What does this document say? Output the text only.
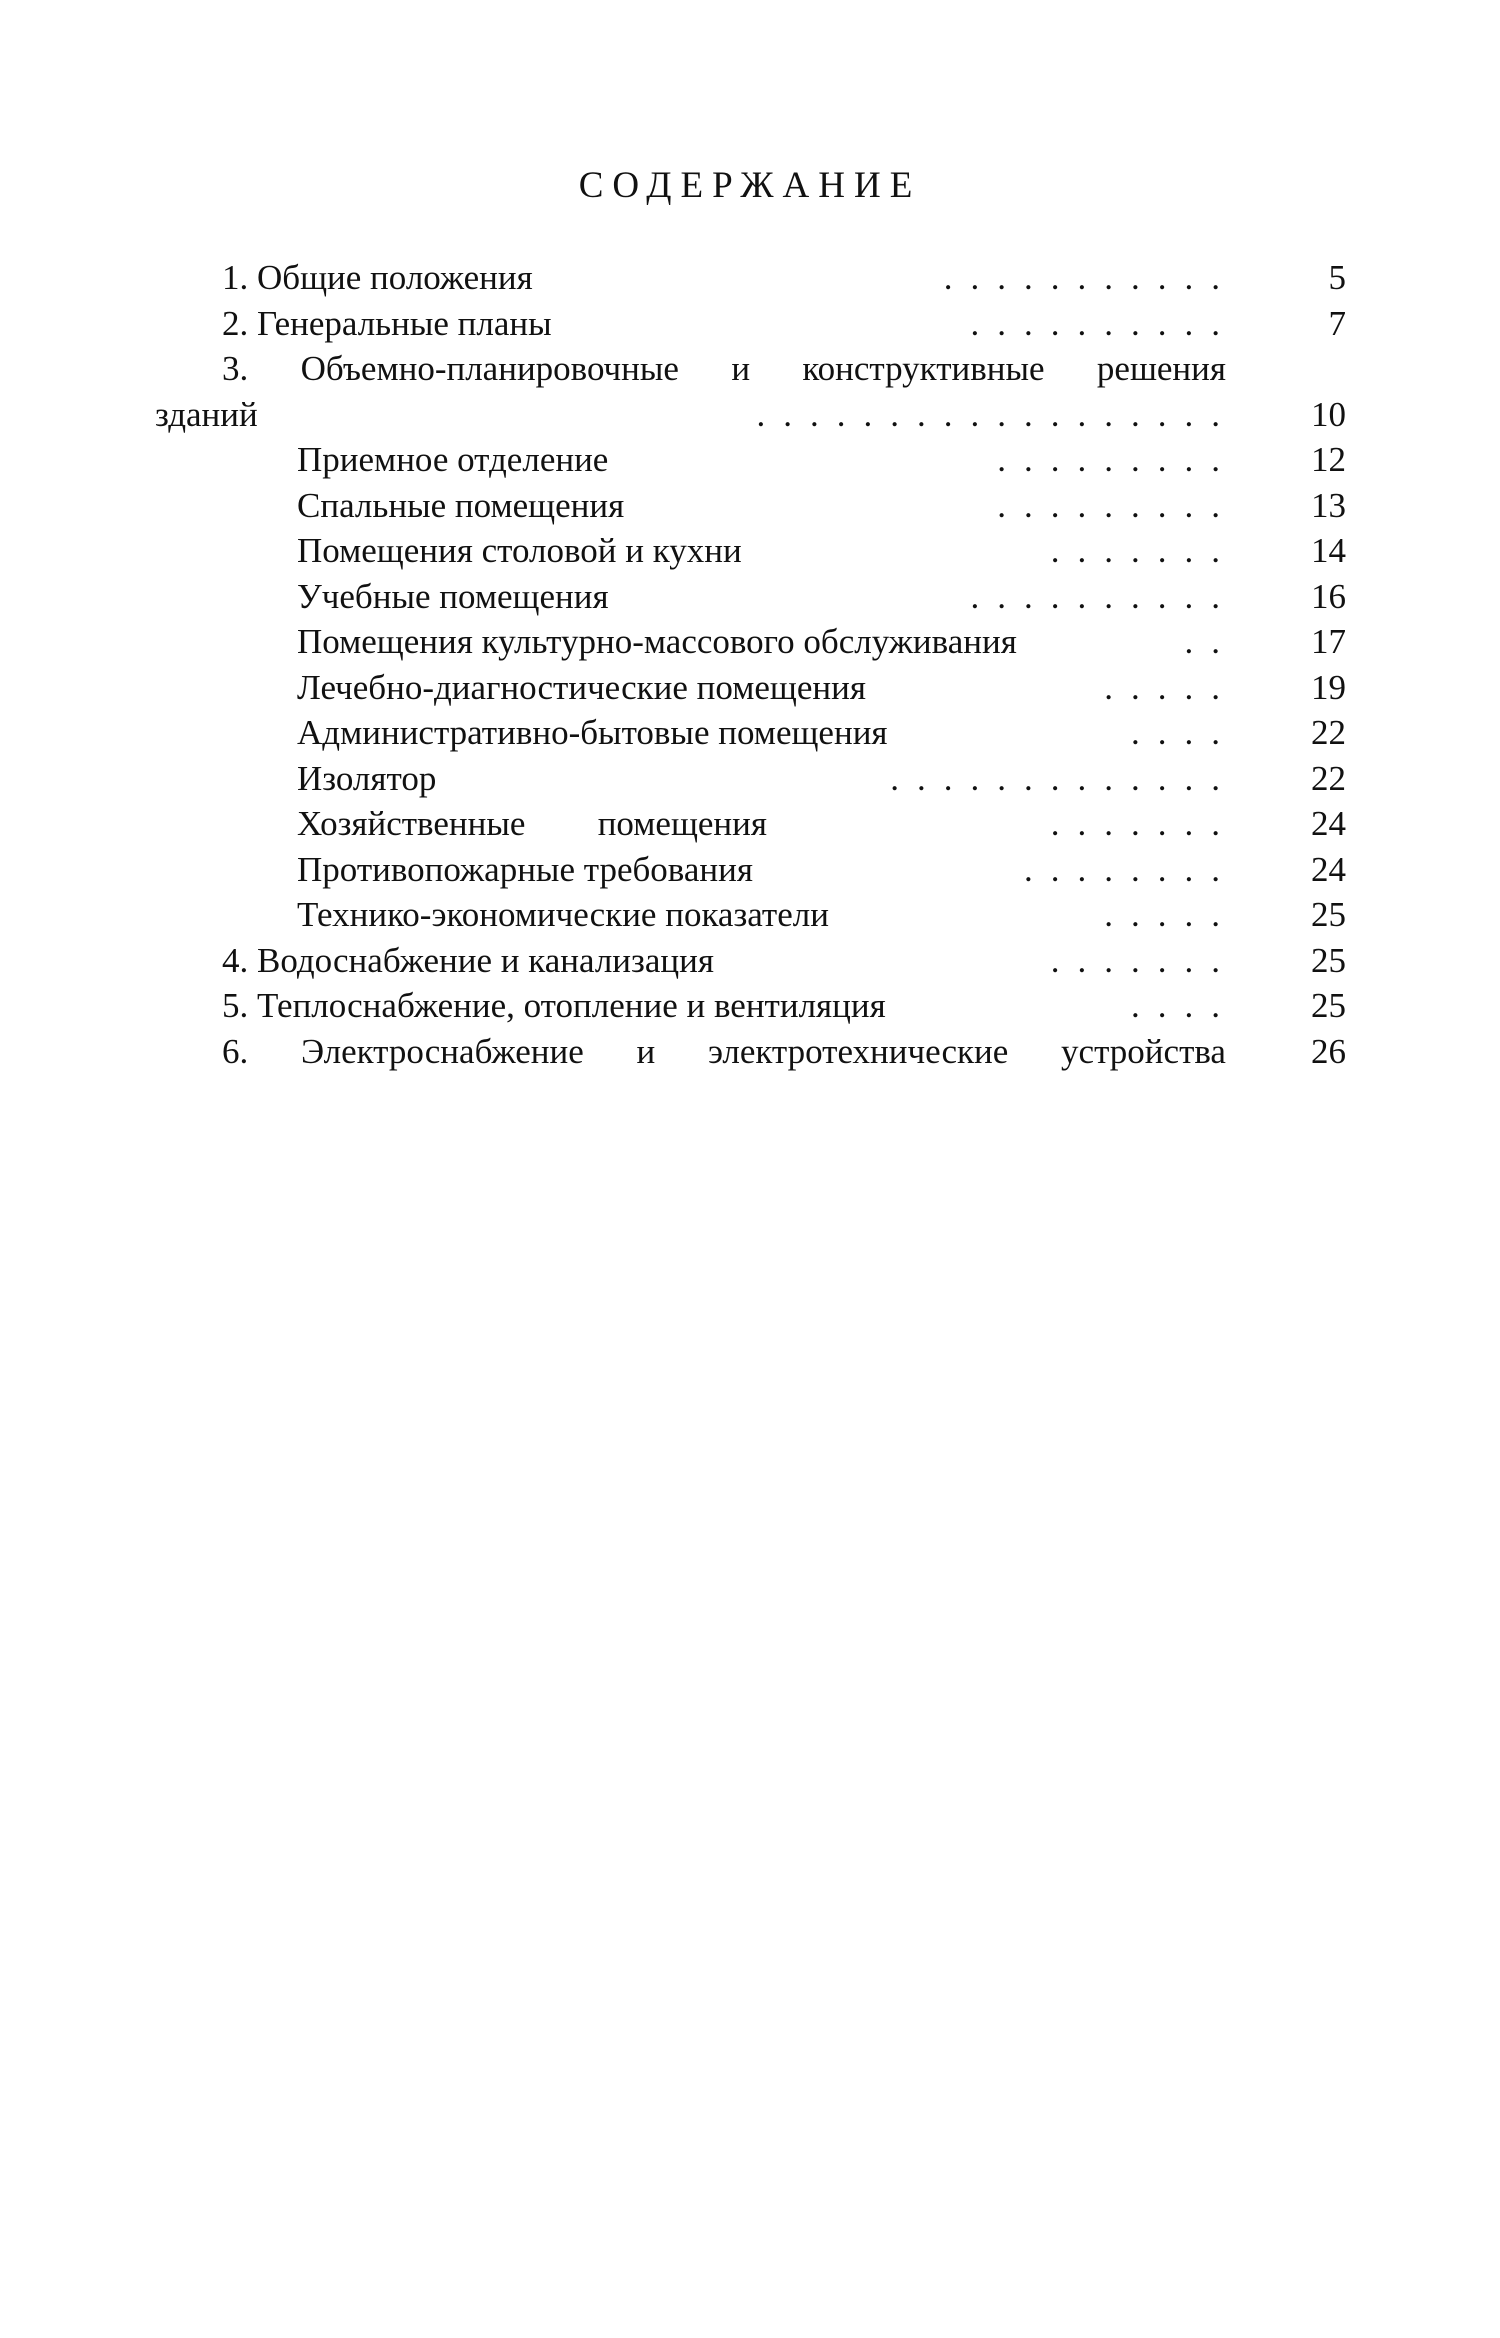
СОДЕРЖАНИЕ
1. Общие положения	...........	5
2. Генеральные планы	..........	7
3. Объемно-планировочные и конструктивные решения
зданий	..................	10
Приемное отделение	.........	12
Спальные помещения	.........	13
Помещения столовой и кухни	.......	14
Учебные помещения	..........	16
Помещения культурно-массового обслуживания	..	17
Лечебно-диагностические помещения	.....	19
Административно-бытовые помещения	....	22
Изолятор	.............	22
Хозяйственные помещения	.......	24
Противопожарные требования	........	24
Технико-экономические показатели	.....	25
4. Водоснабжение и канализация	.......	25
5. Теплоснабжение, отопление и вентиляция	....	25
6. Электроснабжение и электротехнические устройства	26
